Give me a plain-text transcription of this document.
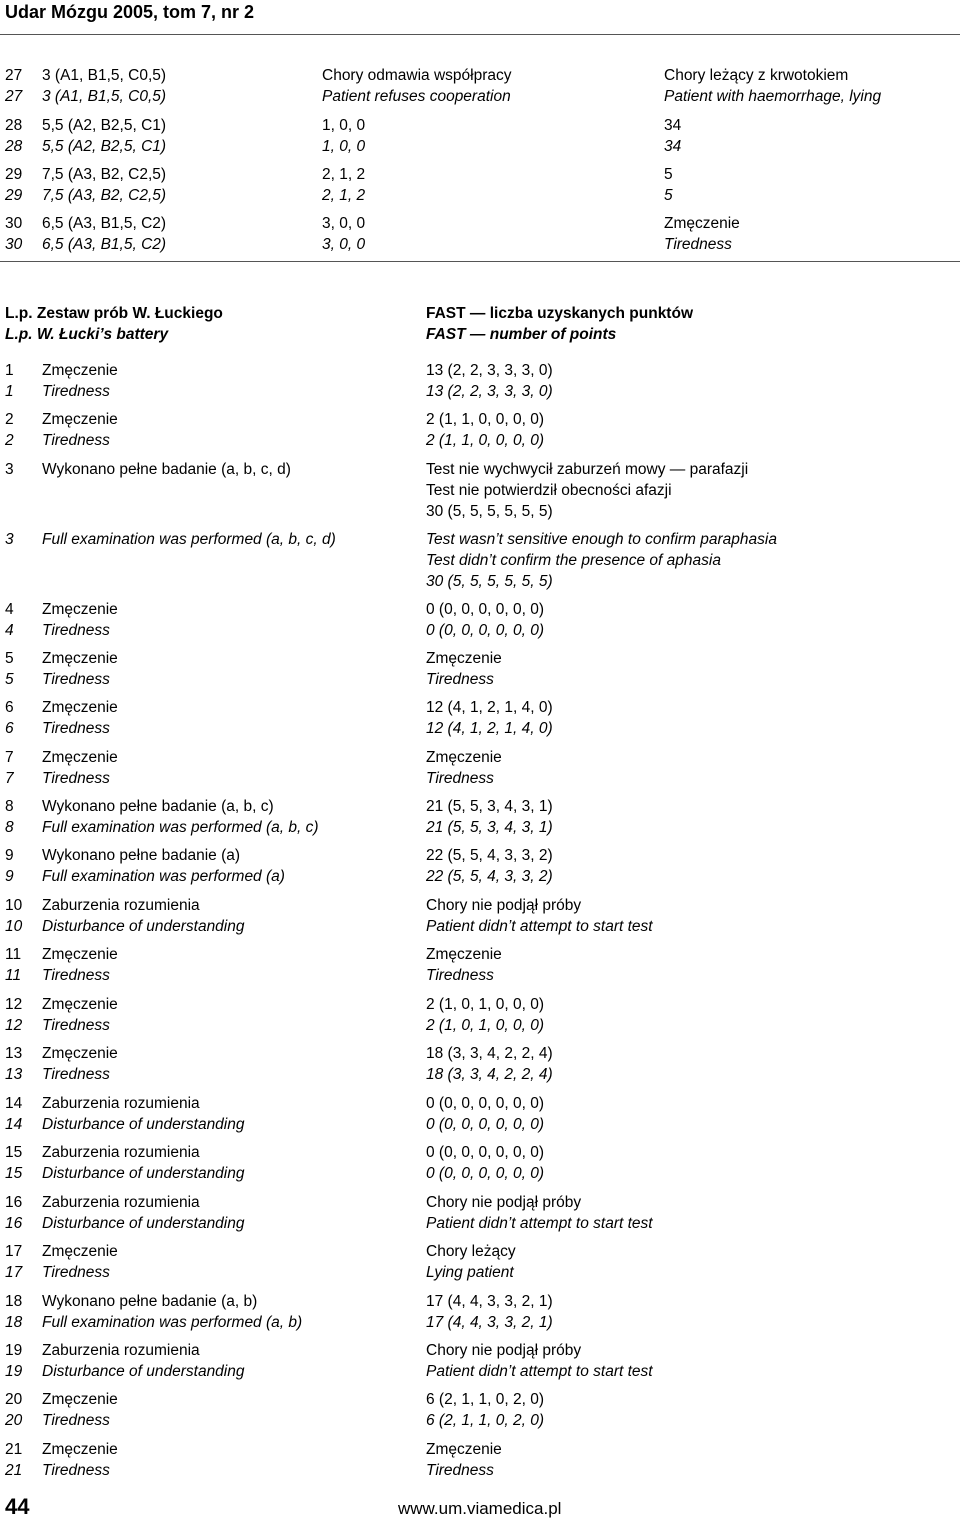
Udar Mózgu 2005, tom 7, nr 2
27 3 (A1, B1,5, C0,5)	Chory odmawia współpracy	Chory leżący z krwotokiem
27 3 (A1, B1,5, C0,5)	Patient refuses cooperation	Patient with haemorrhage, lying
28 5,5 (A2, B2,5, C1)	1, 0, 0	34
28 5,5 (A2, B2,5, C1)	1, 0, 0	34
29 7,5 (A3, B2, C2,5)	2, 1, 2	5
29 7,5 (A3, B2, C2,5)	2, 1, 2	5
30 6,5 (A3, B1,5, C2)	3, 0, 0	Zmęczenie
30 6,5 (A3, B1,5, C2)	3, 0, 0	Tiredness
L.p. Zestaw prób W. Łuckiego	FAST — liczba uzyskanych punktów
L.p. W. Łucki’s battery	FAST — number of points
1 Zmęczenie	13 (2, 2, 3, 3, 3, 0)
1 Tiredness	13 (2, 2, 3, 3, 3, 0)
2 Zmęczenie	2 (1, 1, 0, 0, 0, 0)
2 Tiredness	2 (1, 1, 0, 0, 0, 0)
3 Wykonano pełne badanie (a, b, c, d)	Test nie wychwycił zaburzeń mowy — parafazji
Test nie potwierdził obecności afazji
30 (5, 5, 5, 5, 5, 5)
3 Full examination was performed (a, b, c, d)	Test wasn’t sensitive enough to confirm paraphasia
Test didn’t confirm the presence of aphasia
30 (5, 5, 5, 5, 5, 5)
4 Zmęczenie	0 (0, 0, 0, 0, 0, 0)
4 Tiredness	0 (0, 0, 0, 0, 0, 0)
5 Zmęczenie	Zmęczenie
5 Tiredness	Tiredness
6 Zmęczenie	12 (4, 1, 2, 1, 4, 0)
6 Tiredness	12 (4, 1, 2, 1, 4, 0)
7 Zmęczenie	Zmęczenie
7 Tiredness	Tiredness
8 Wykonano pełne badanie (a, b, c)	21 (5, 5, 3, 4, 3, 1)
8 Full examination was performed (a, b, c)	21 (5, 5, 3, 4, 3, 1)
9 Wykonano pełne badanie (a)	22 (5, 5, 4, 3, 3, 2)
9 Full examination was performed (a)	22 (5, 5, 4, 3, 3, 2)
10 Zaburzenia rozumienia	Chory nie podjął próby
10 Disturbance of understanding	Patient didn’t attempt to start test
11 Zmęczenie	Zmęczenie
11 Tiredness	Tiredness
12 Zmęczenie	2 (1, 0, 1, 0, 0, 0)
12 Tiredness	2 (1, 0, 1, 0, 0, 0)
13 Zmęczenie	18 (3, 3, 4, 2, 2, 4)
13 Tiredness	18 (3, 3, 4, 2, 2, 4)
14 Zaburzenia rozumienia	0 (0, 0, 0, 0, 0, 0)
14 Disturbance of understanding	0 (0, 0, 0, 0, 0, 0)
15 Zaburzenia rozumienia	0 (0, 0, 0, 0, 0, 0)
15 Disturbance of understanding	0 (0, 0, 0, 0, 0, 0)
16 Zaburzenia rozumienia	Chory nie podjął próby
16 Disturbance of understanding	Patient didn’t attempt to start test
17 Zmęczenie	Chory leżący
17 Tiredness	Lying patient
18 Wykonano pełne badanie (a, b)	17 (4, 4, 3, 3, 2, 1)
18 Full examination was performed (a, b)	17 (4, 4, 3, 3, 2, 1)
19 Zaburzenia rozumienia	Chory nie podjął próby
19 Disturbance of understanding	Patient didn’t attempt to start test
20 Zmęczenie	6 (2, 1, 1, 0, 2, 0)
20 Tiredness	6 (2, 1, 1, 0, 2, 0)
21 Zmęczenie	Zmęczenie
21 Tiredness	Tiredness
44	www.um.viamedica.pl
